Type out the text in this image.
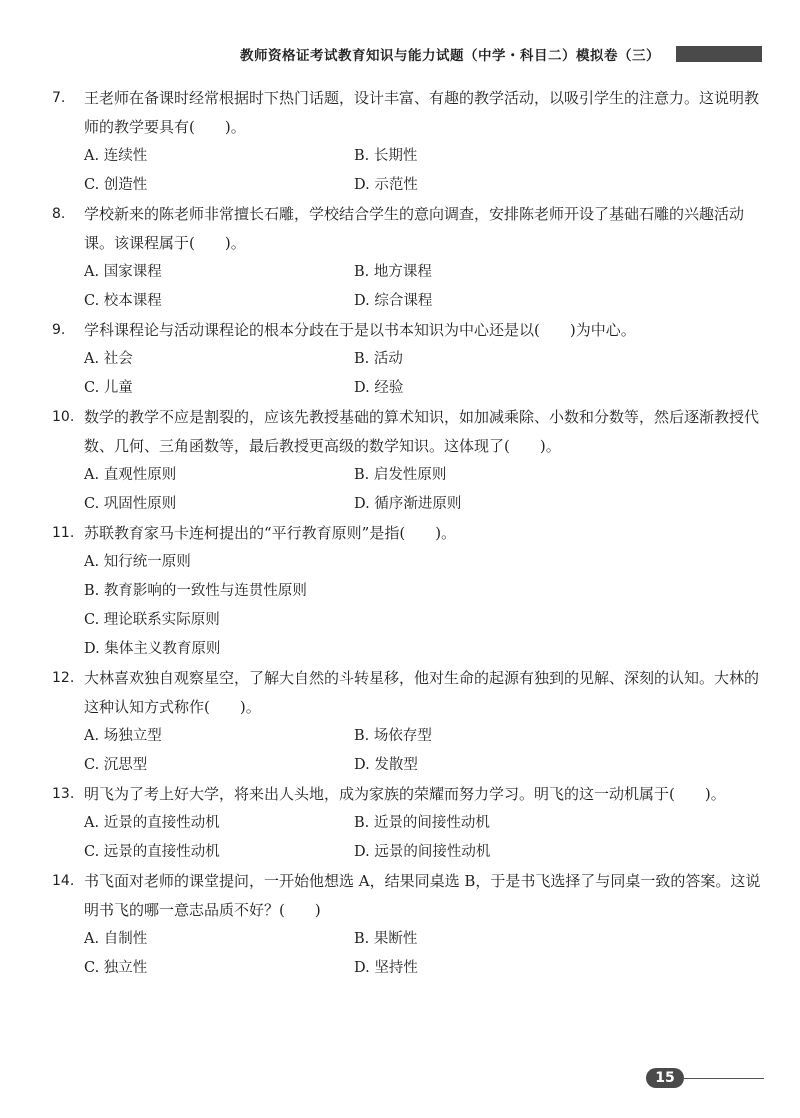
教师资格证考试教育知识与能力试题（中学・科目二）模拟卷（三）
7. 王老师在备课时经常根据时下热门话题，设计丰富、有趣的教学活动，以吸引学生的注意力。这说明教师的教学要具有(　　)。
A. 连续性	B. 长期性
C. 创造性	D. 示范性
8. 学校新来的陈老师非常擅长石雕，学校结合学生的意向调查，安排陈老师开设了基础石雕的兴趣活动课。该课程属于(　　)。
A. 国家课程	B. 地方课程
C. 校本课程	D. 综合课程
9. 学科课程论与活动课程论的根本分歧在于是以书本知识为中心还是以(　　)为中心。
A. 社会	B. 活动
C. 儿童	D. 经验
10. 数学的教学不应是割裂的，应该先教授基础的算术知识，如加减乘除、小数和分数等，然后逐渐教授代数、几何、三角函数等，最后教授更高级的数学知识。这体现了(　　)。
A. 直观性原则	B. 启发性原则
C. 巩固性原则	D. 循序渐进原则
11. 苏联教育家马卡连柯提出的“平行教育原则”是指(　　)。
A. 知行统一原则
B. 教育影响的一致性与连贯性原则
C. 理论联系实际原则
D. 集体主义教育原则
12. 大林喜欢独自观察星空，了解大自然的斗转星移，他对生命的起源有独到的见解、深刻的认知。大林的这种认知方式称作(　　)。
A. 场独立型	B. 场依存型
C. 沉思型	D. 发散型
13. 明飞为了考上好大学，将来出人头地，成为家族的荣耀而努力学习。明飞的这一动机属于(　　)。
A. 近景的直接性动机	B. 近景的间接性动机
C. 远景的直接性动机	D. 远景的间接性动机
14. 书飞面对老师的课堂提问，一开始他想选 A，结果同桌选 B，于是书飞选择了与同桌一致的答案。这说明书飞的哪一意志品质不好？(　　)
A. 自制性	B. 果断性
C. 独立性	D. 坚持性
15
